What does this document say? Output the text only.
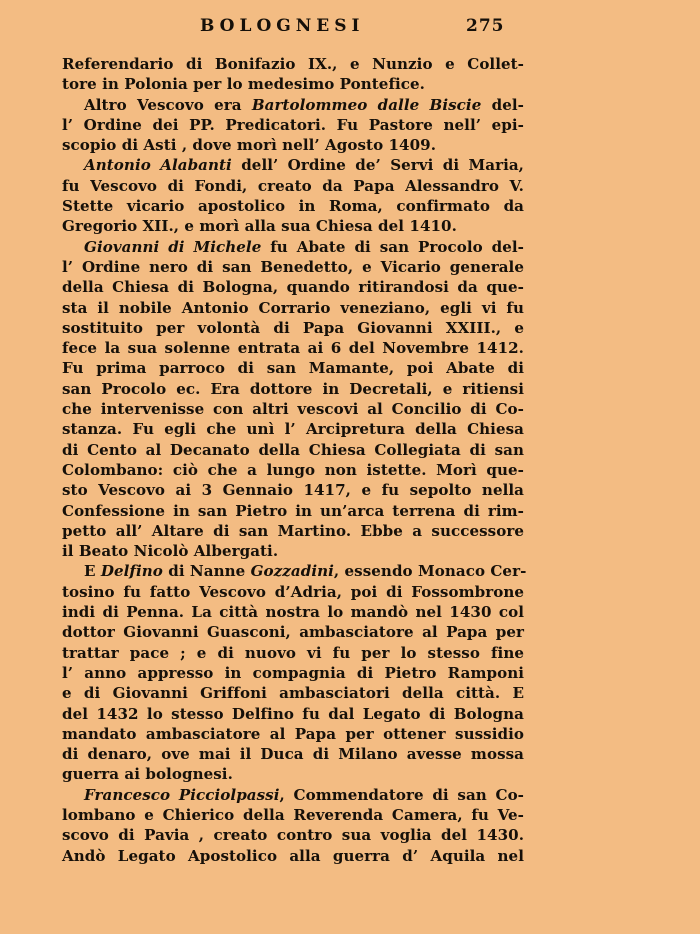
BOLOGNESI	275
Referendario di Bonifazio IX., e Nunzio e Collet-
tore in Polonia per lo medesimo Pontefice.
Altro Vescovo era Bartolommeo dalle Biscie del-
l’ Ordine dei PP. Predicatori. Fu Pastore nell’ epi-
scopio di Asti , dove morì nell’ Agosto 1409.
Antonio Alabanti dell’ Ordine de’ Servi di Maria,
fu Vescovo di Fondi, creato da Papa Alessandro V.
Stette vicario apostolico in Roma, confirmato da
Gregorio XII., e morì alla sua Chiesa del 1410.
Giovanni di Michele fu Abate di san Procolo del-
l’ Ordine nero di san Benedetto, e Vicario generale
della Chiesa di Bologna, quando ritirandosi da que-
sta il nobile Antonio Corrario veneziano, egli vi fu
sostituito per volontà di Papa Giovanni XXIII., e
fece la sua solenne entrata ai 6 del Novembre 1412.
Fu prima parroco di san Mamante, poi Abate di
san Procolo ec. Era dottore in Decretali, e ritiensi
che intervenisse con altri vescovi al Concilio di Co-
stanza. Fu egli che unì l’ Arcipretura della Chiesa
di Cento al Decanato della Chiesa Collegiata di san
Colombano: ciò che a lungo non istette. Morì que-
sto Vescovo ai 3 Gennaio 1417, e fu sepolto nella
Confessione in san Pietro in un’arca terrena di rim-
petto all’ Altare di san Martino. Ebbe a successore
il Beato Nicolò Albergati.
E Delfino di Nanne Gozzadini, essendo Monaco Cer-
tosino fu fatto Vescovo d’Adria, poi di Fossombrone
indi di Penna. La città nostra lo mandò nel 1430 col
dottor Giovanni Guasconi, ambasciatore al Papa per
trattar pace ; e di nuovo vi fu per lo stesso fine
l’ anno appresso in compagnia di Pietro Ramponi
e di Giovanni Griffoni ambasciatori della città. E
del 1432 lo stesso Delfino fu dal Legato di Bologna
mandato ambasciatore al Papa per ottener sussidio
di denaro, ove mai il Duca di Milano avesse mossa
guerra ai bolognesi.
Francesco Picciolpassi, Commendatore di san Co-
lombano e Chierico della Reverenda Camera, fu Ve-
scovo di Pavia , creato contro sua voglia del 1430.
Andò Legato Apostolico alla guerra d’ Aquila nel
